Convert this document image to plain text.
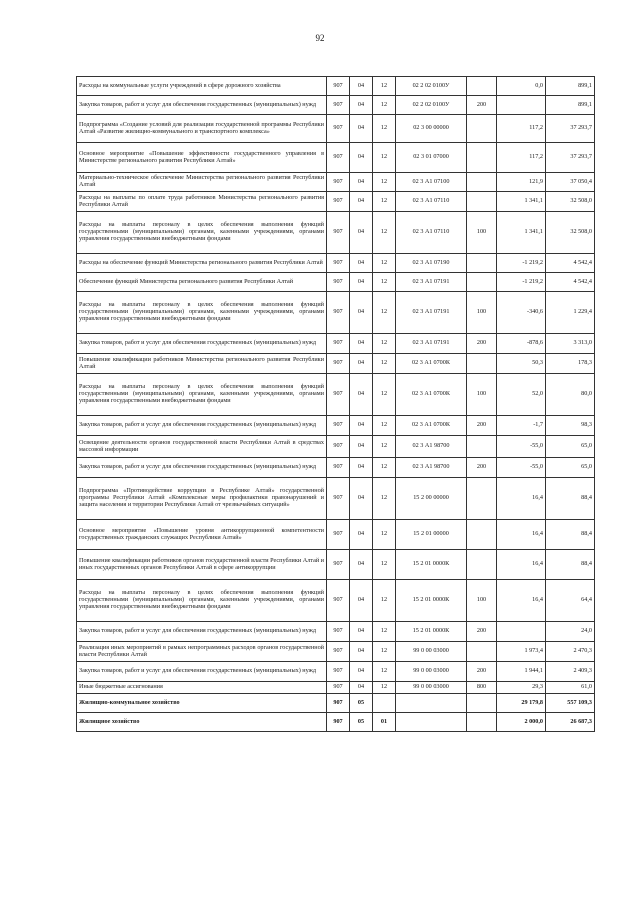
92
Расходы на коммунальные услуги учреждений в сфере дорожного хозяйства	907	04	12	02 2 02 0100У		0,0	899,1
Закупка товаров, работ и услуг для обеспечения государственных (муниципальных) нужд	907	04	12	02 2 02 0100У	200		899,1
Подпрограмма «Создание условий для реализации государственной программы Республики Алтай «Развитие жилищно-коммунального и транспортного комплекса»	907	04	12	02 3 00 00000		117,2	37 293,7
Основное мероприятие «Повышение эффективности государственного управления в Министерстве регионального развития Республики Алтай»	907	04	12	02 3 01 07000		117,2	37 293,7
Материально-техническое обеспечение Министерства регионального развития Республики Алтай	907	04	12	02 3 А1 07100		121,9	37 050,4
Расходы на выплаты по оплате труда работников Министерства регионального развития Республики Алтай	907	04	12	02 3 А1 07110		1 341,1	32 508,0
Расходы на выплаты персоналу в целях обеспечения выполнения функций государственными (муниципальными) органами, казенными учреждениями, органами управления государственными внебюджетными фондами	907	04	12	02 3 А1 07110	100	1 341,1	32 508,0
Расходы на обеспечение функций Министерства регионального развития Республики Алтай	907	04	12	02 3 А1 07190		-1 219,2	4 542,4
Обеспечение функций Министерства регионального развития Республики Алтай	907	04	12	02 3 А1 07191		-1 219,2	4 542,4
Расходы на выплаты персоналу в целях обеспечения выполнения функций государственными (муниципальными) органами, казенными учреждениями, органами управления государственными внебюджетными фондами	907	04	12	02 3 А1 07191	100	-340,6	1 229,4
Закупка товаров, работ и услуг для обеспечения государственных (муниципальных) нужд	907	04	12	02 3 А1 07191	200	-878,6	3 313,0
Повышение квалификации работников Министерства регионального развития Республики Алтай	907	04	12	02 3 А1 0700К		50,3	178,3
Расходы на выплаты персоналу в целях обеспечения выполнения функций государственными (муниципальными) органами, казенными учреждениями, органами управления государственными внебюджетными фондами	907	04	12	02 3 А1 0700К	100	52,0	80,0
Закупка товаров, работ и услуг для обеспечения государственных (муниципальных) нужд	907	04	12	02 3 А1 0700К	200	-1,7	98,3
Освещение деятельности органов государственной власти Республики Алтай в средствах массовой информации	907	04	12	02 3 А1 98700		-55,0	65,0
Закупка товаров, работ и услуг для обеспечения государственных (муниципальных) нужд	907	04	12	02 3 А1 98700	200	-55,0	65,0
Подпрограмма «Противодействие коррупции в Республике Алтай» государственной программы Республики Алтай «Комплексные меры профилактики правонарушений и защита населения и территории Республики Алтай от чрезвычайных ситуаций»	907	04	12	15 2 00 00000		16,4	88,4
Основное мероприятие «Повышение уровня антикоррупционной компетентности государственных гражданских служащих Республики Алтай»	907	04	12	15 2 01 00000		16,4	88,4
Повышение квалификации работников органов государственной власти Республики Алтай и иных государственных органов Республики Алтай в сфере антикоррупции	907	04	12	15 2 01 0000К		16,4	88,4
Расходы на выплаты персоналу в целях обеспечения выполнения функций государственными (муниципальными) органами, казенными учреждениями, органами управления государственными внебюджетными фондами	907	04	12	15 2 01 0000К	100	16,4	64,4
Закупка товаров, работ и услуг для обеспечения государственных (муниципальных) нужд	907	04	12	15 2 01 0000К	200		24,0
Реализация иных мероприятий в рамках непрограммных расходов органов государственной власти Республики Алтай	907	04	12	99 0 00 03000		1 973,4	2 470,3
Закупка товаров, работ и услуг для обеспечения государственных (муниципальных) нужд	907	04	12	99 0 00 03000	200	1 944,1	2 409,3
Иные бюджетные ассигнования	907	04	12	99 0 00 03000	800	29,3	61,0
Жилищно-коммунальное хозяйство	907	05				29 179,8	557 109,3
Жилищное хозяйство	907	05	01			2 000,0	26 687,3
